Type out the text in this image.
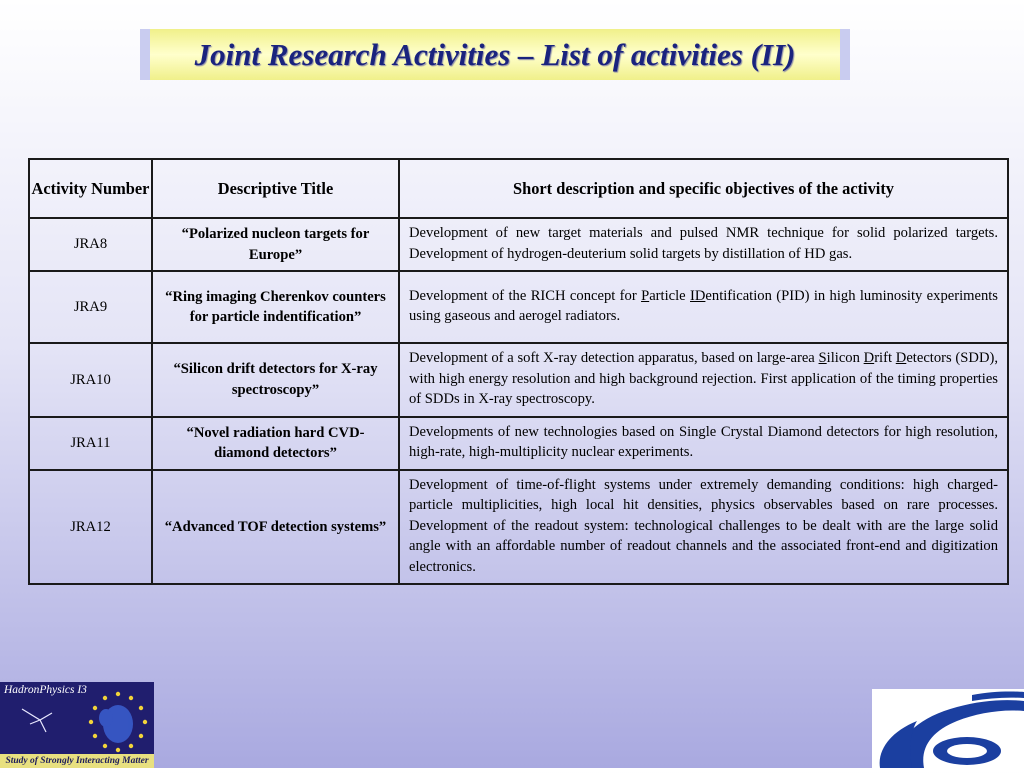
Joint Research Activities – List of activities (II)
Activity Number	Descriptive Title	Short description and specific objectives of the activity
JRA8	“Polarized nucleon targets for Europe”	Development of new target materials and pulsed NMR technique for solid polarized targets. Development of hydrogen-deuterium solid targets by distillation of HD gas.
JRA9	“Ring imaging Cherenkov counters for particle indentification”	Development of the RICH concept for Particle IDentification (PID) in high luminosity experiments using gaseous and aerogel radiators.
JRA10	“Silicon drift detectors for X-ray spectroscopy”	Development of a soft X-ray detection apparatus, based on large-area Silicon Drift Detectors (SDD), with high energy resolution and high background rejection. First application of the timing properties of SDDs in X-ray spectroscopy.
JRA11	“Novel radiation hard CVD-diamond detectors”	Developments of new technologies based on Single Crystal Diamond detectors for high resolution, high-rate, high-multiplicity nuclear experiments.
JRA12	“Advanced TOF detection systems”	Development of time-of-flight systems under extremely demanding conditions: high charged-particle multiplicities, high local hit densities, physics observables based on rare processes. Development of the readout system: technological challenges to be dealt with are the large solid angle with an affordable number of readout channels and the associated front-end and digitization electronics.
HadronPhysics I3
Study of Strongly Interacting Matter
